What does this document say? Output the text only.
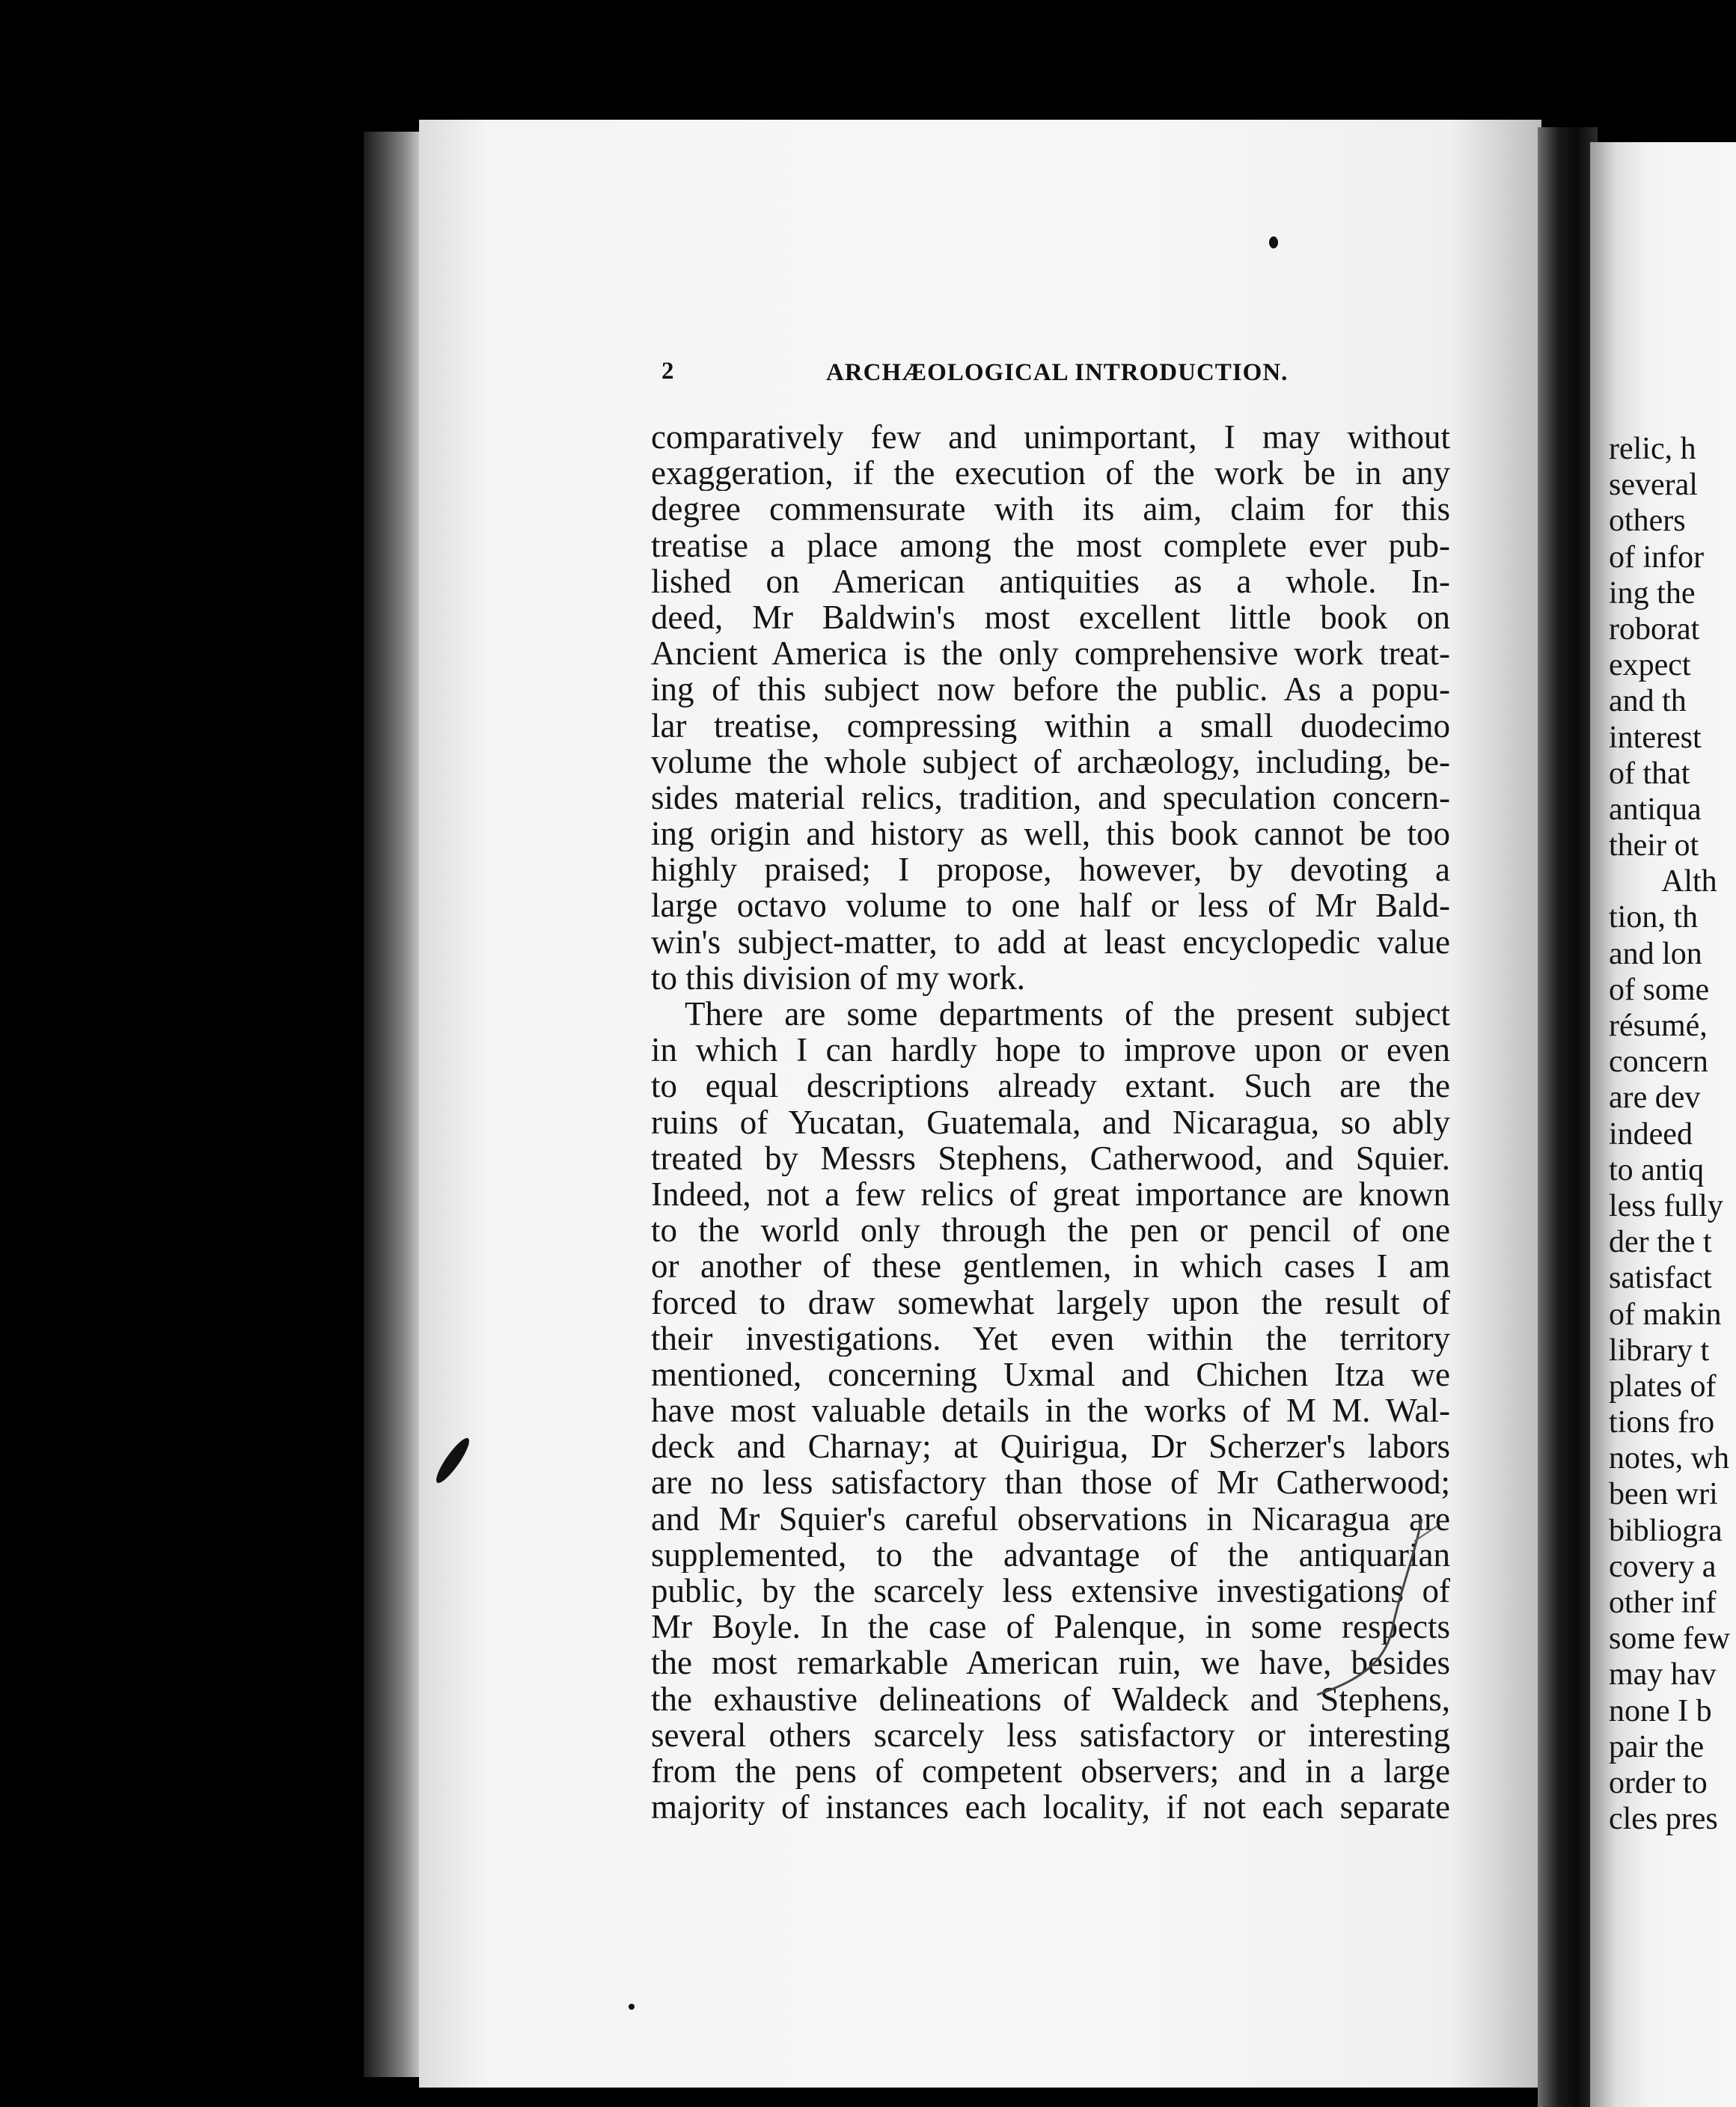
2	ARCHÆOLOGICAL INTRODUCTION.
comparatively few and unimportant, I may without
exaggeration, if the execution of the work be in any
degree commensurate with its aim, claim for this
treatise a place among the most complete ever pub-
lished on American antiquities as a whole. In-
deed, Mr Baldwin's most excellent little book on
Ancient America is the only comprehensive work treat-
ing of this subject now before the public. As a popu-
lar treatise, compressing within a small duodecimo
volume the whole subject of archæology, including, be-
sides material relics, tradition, and speculation concern-
ing origin and history as well, this book cannot be too
highly praised; I propose, however, by devoting a
large octavo volume to one half or less of Mr Bald-
win's subject-matter, to add at least encyclopedic value
to this division of my work.
There are some departments of the present subject
in which I can hardly hope to improve upon or even
to equal descriptions already extant. Such are the
ruins of Yucatan, Guatemala, and Nicaragua, so ably
treated by Messrs Stephens, Catherwood, and Squier.
Indeed, not a few relics of great importance are known
to the world only through the pen or pencil of one
or another of these gentlemen, in which cases I am
forced to draw somewhat largely upon the result of
their investigations. Yet even within the territory
mentioned, concerning Uxmal and Chichen Itza we
have most valuable details in the works of M M. Wal-
deck and Charnay; at Quirigua, Dr Scherzer's labors
are no less satisfactory than those of Mr Catherwood;
and Mr Squier's careful observations in Nicaragua are
supplemented, to the advantage of the antiquarian
public, by the scarcely less extensive investigations of
Mr Boyle. In the case of Palenque, in some respects
the most remarkable American ruin, we have, besides
the exhaustive delineations of Waldeck and Stephens,
several others scarcely less satisfactory or interesting
from the pens of competent observers; and in a large
majority of instances each locality, if not each separate
relic, h
several
others
of infor
ing the
roborat
expect
and th
interest
of that
antiqua
their ot
Alth
tion, th
and lon
of some
résumé,
concern
are dev
indeed
to antiq
less fully
der the t
satisfact
of makin
library t
plates of
tions fro
notes, wh
been wri
bibliogra
covery a
other inf
some few
may hav
none I b
pair the
order to
cles pres
